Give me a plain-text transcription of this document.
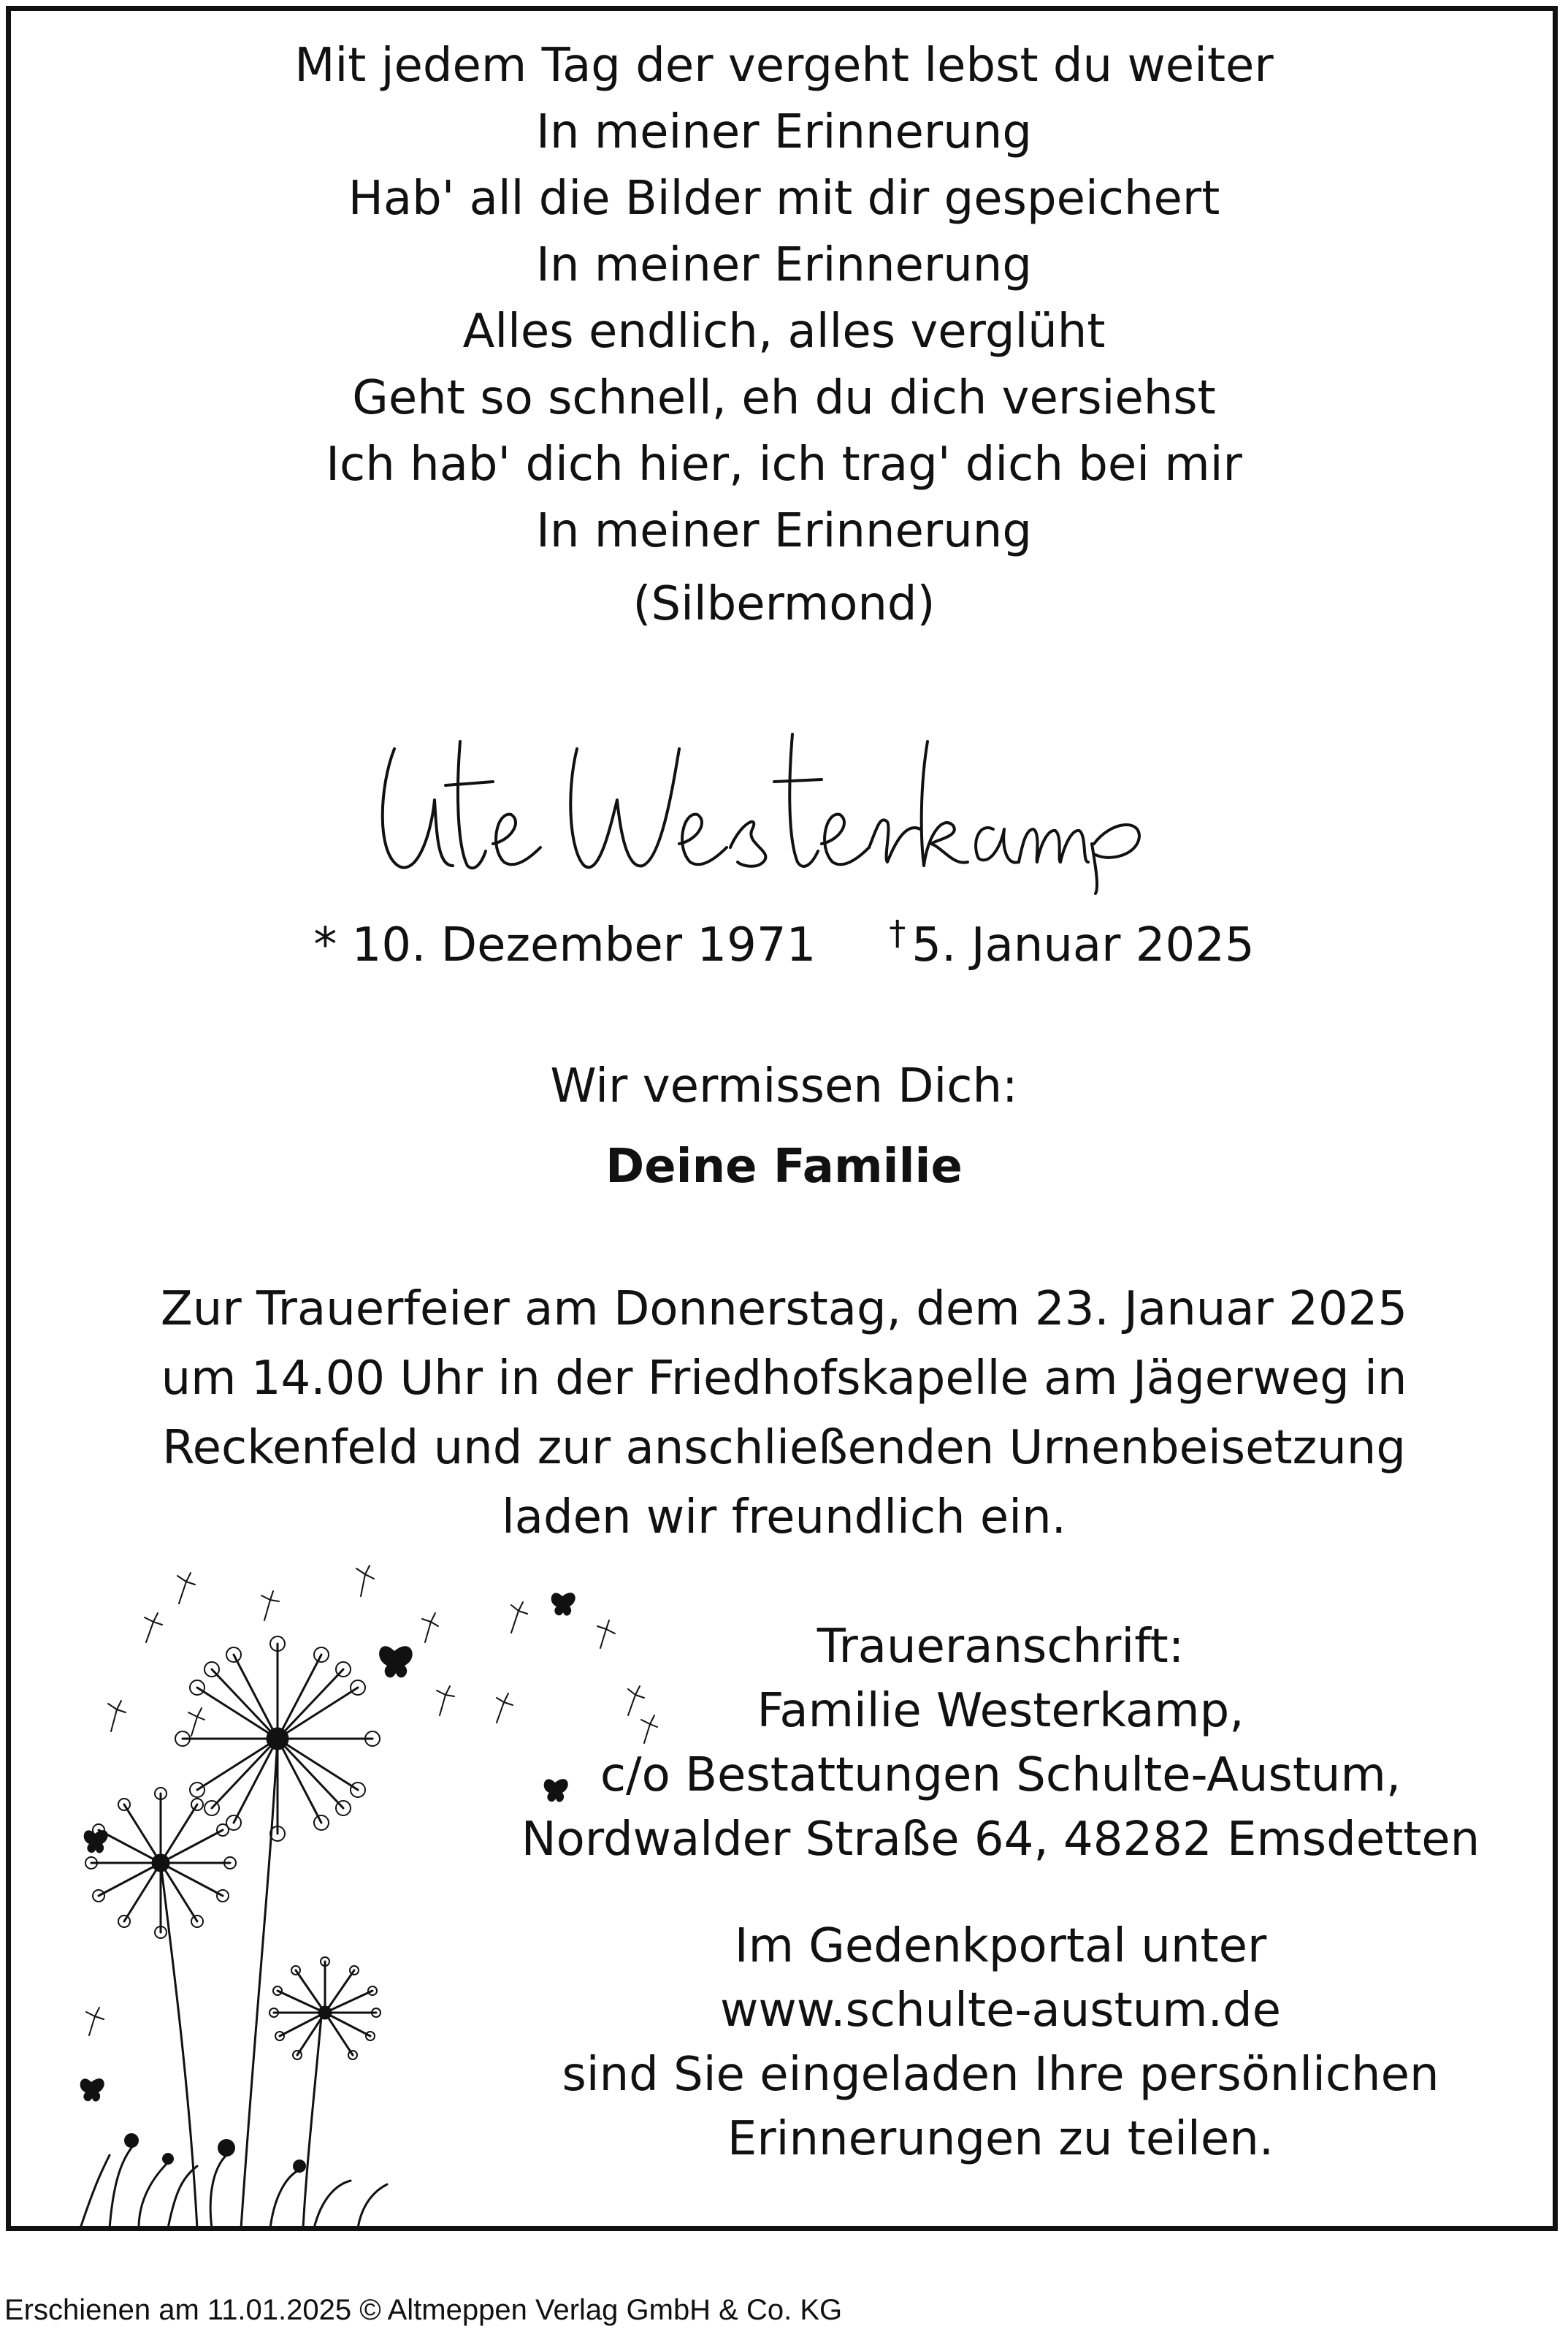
Mit jedem Tag der vergeht lebst du weiter
In meiner Erinnerung
Hab' all die Bilder mit dir gespeichert
In meiner Erinnerung
Alles endlich, alles verglüht
Geht so schnell, eh du dich versiehst
Ich hab' dich hier, ich trag' dich bei mir
In meiner Erinnerung
(Silbermond)
* 10. Dezember 1971 † 5. Januar 2025
Wir vermissen Dich:
Deine Familie
Zur Trauerfeier am Donnerstag, dem 23. Januar 2025
um 14.00 Uhr in der Friedhofskapelle am Jägerweg in
Reckenfeld und zur anschließenden Urnenbeisetzung
laden wir freundlich ein.
Traueranschrift:
Familie Westerkamp,
c/o Bestattungen Schulte-Austum,
Nordwalder Straße 64, 48282 Emsdetten
Im Gedenkportal unter
www.schulte-austum.de
sind Sie eingeladen Ihre persönlichen
Erinnerungen zu teilen.
Erschienen am 11.01.2025 © Altmeppen Verlag GmbH & Co. KG
